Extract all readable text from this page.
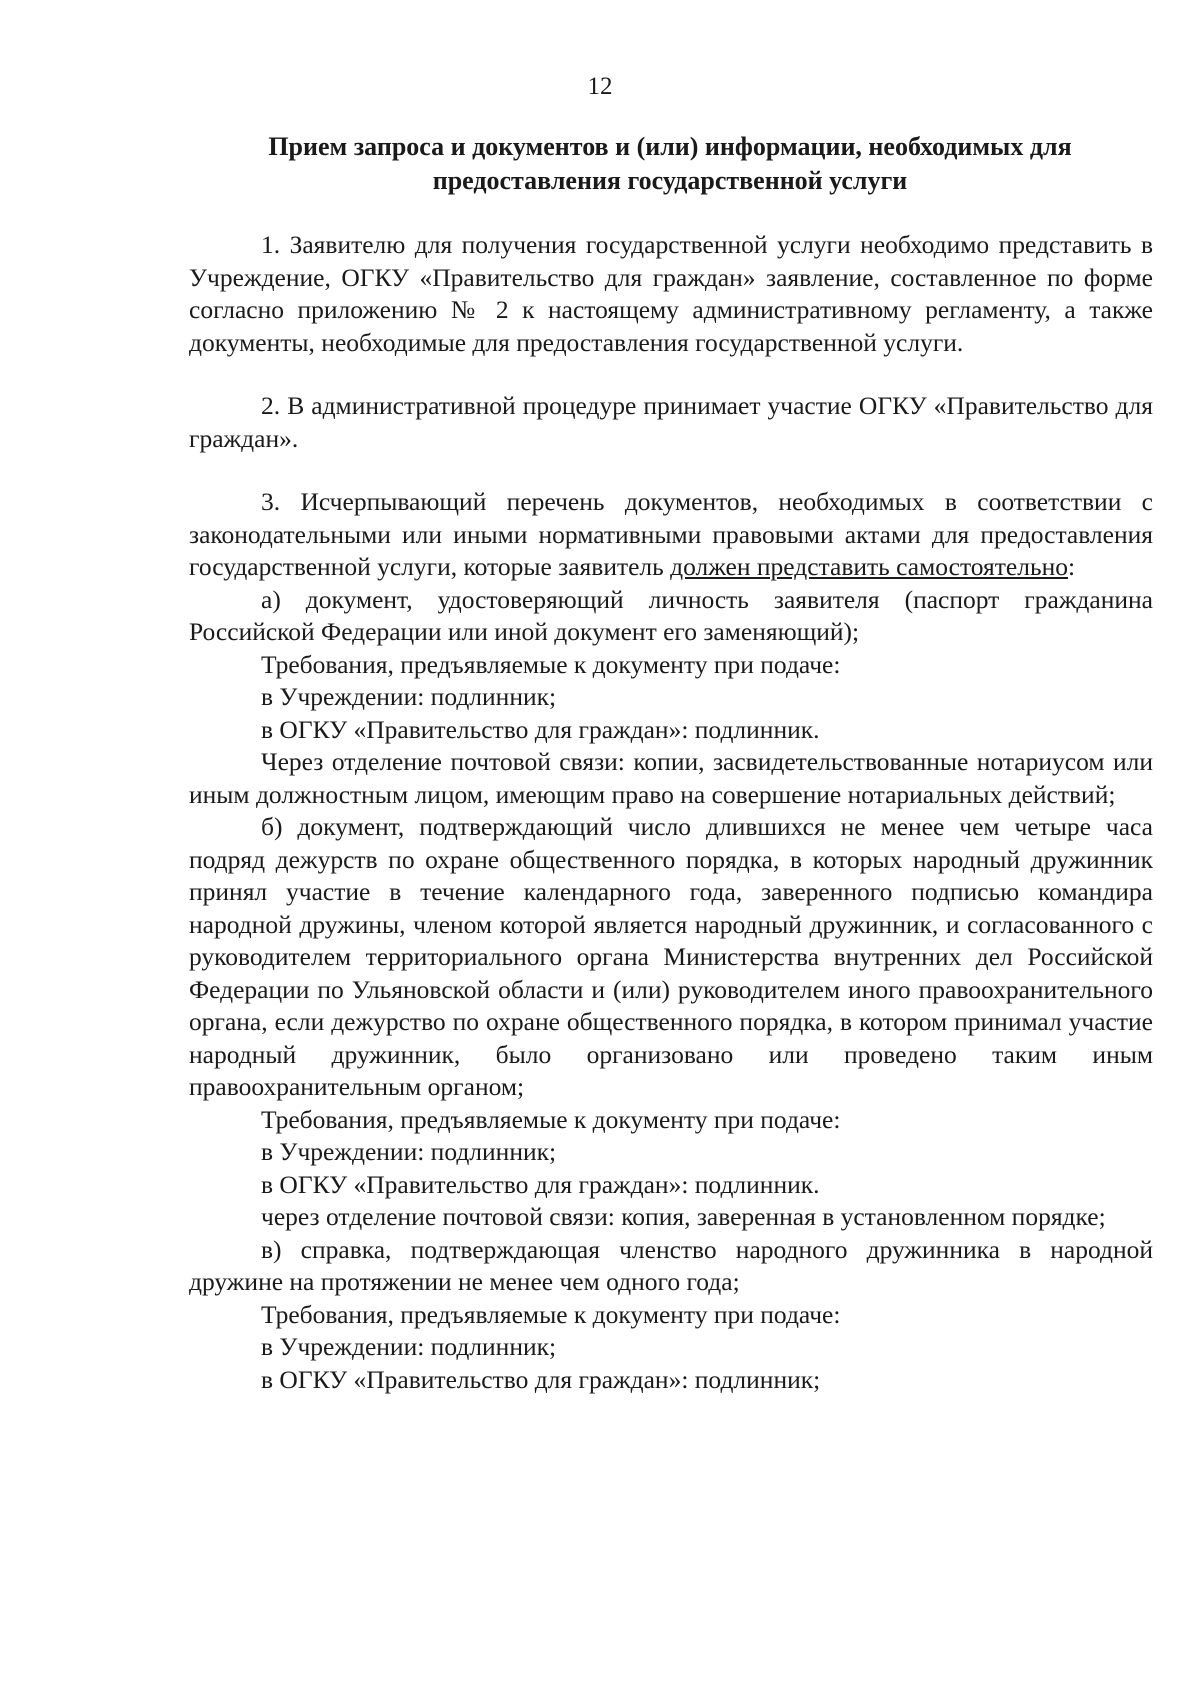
12
Прием запроса и документов и (или) информации, необходимых для
предоставления государственной услуги

1. Заявителю для получения государственной услуги необходимо представить в Учреждение, ОГКУ «Правительство для граждан» заявление, составленное по форме согласно приложению № 2 к настоящему административному регламенту, а также документы, необходимые для предоставления государственной услуги.

2. В административной процедуре принимает участие ОГКУ «Правительство для граждан».

3. Исчерпывающий перечень документов, необходимых в соответствии с законодательными или иными нормативными правовыми актами для предоставления государственной услуги, которые заявитель должен представить самостоятельно:

а) документ, удостоверяющий личность заявителя (паспорт гражданина Российской Федерации или иной документ его заменяющий);

Требования, предъявляемые к документу при подаче:

в Учреждении: подлинник;

в ОГКУ «Правительство для граждан»: подлинник.

Через отделение почтовой связи: копии, засвидетельствованные нотариусом или иным должностным лицом, имеющим право на совершение нотариальных действий;

б) документ, подтверждающий число длившихся не менее чем четыре часа подряд дежурств по охране общественного порядка, в которых народный дружинник принял участие в течение календарного года, заверенного подписью командира народной дружины, членом которой является народный дружинник, и согласованного с руководителем территориального органа Министерства внутренних дел Российской Федерации по Ульяновской области и (или) руководителем иного правоохранительного органа, если дежурство по охране общественного порядка, в котором принимал участие народный дружинник, было организовано или проведено таким иным правоохранительным органом;

Требования, предъявляемые к документу при подаче:

в Учреждении: подлинник;

в ОГКУ «Правительство для граждан»: подлинник.

через отделение почтовой связи: копия, заверенная в установленном порядке;

в) справка, подтверждающая членство народного дружинника в народной дружине на протяжении не менее чем одного года;

Требования, предъявляемые к документу при подаче:

в Учреждении: подлинник;

в ОГКУ «Правительство для граждан»: подлинник;
